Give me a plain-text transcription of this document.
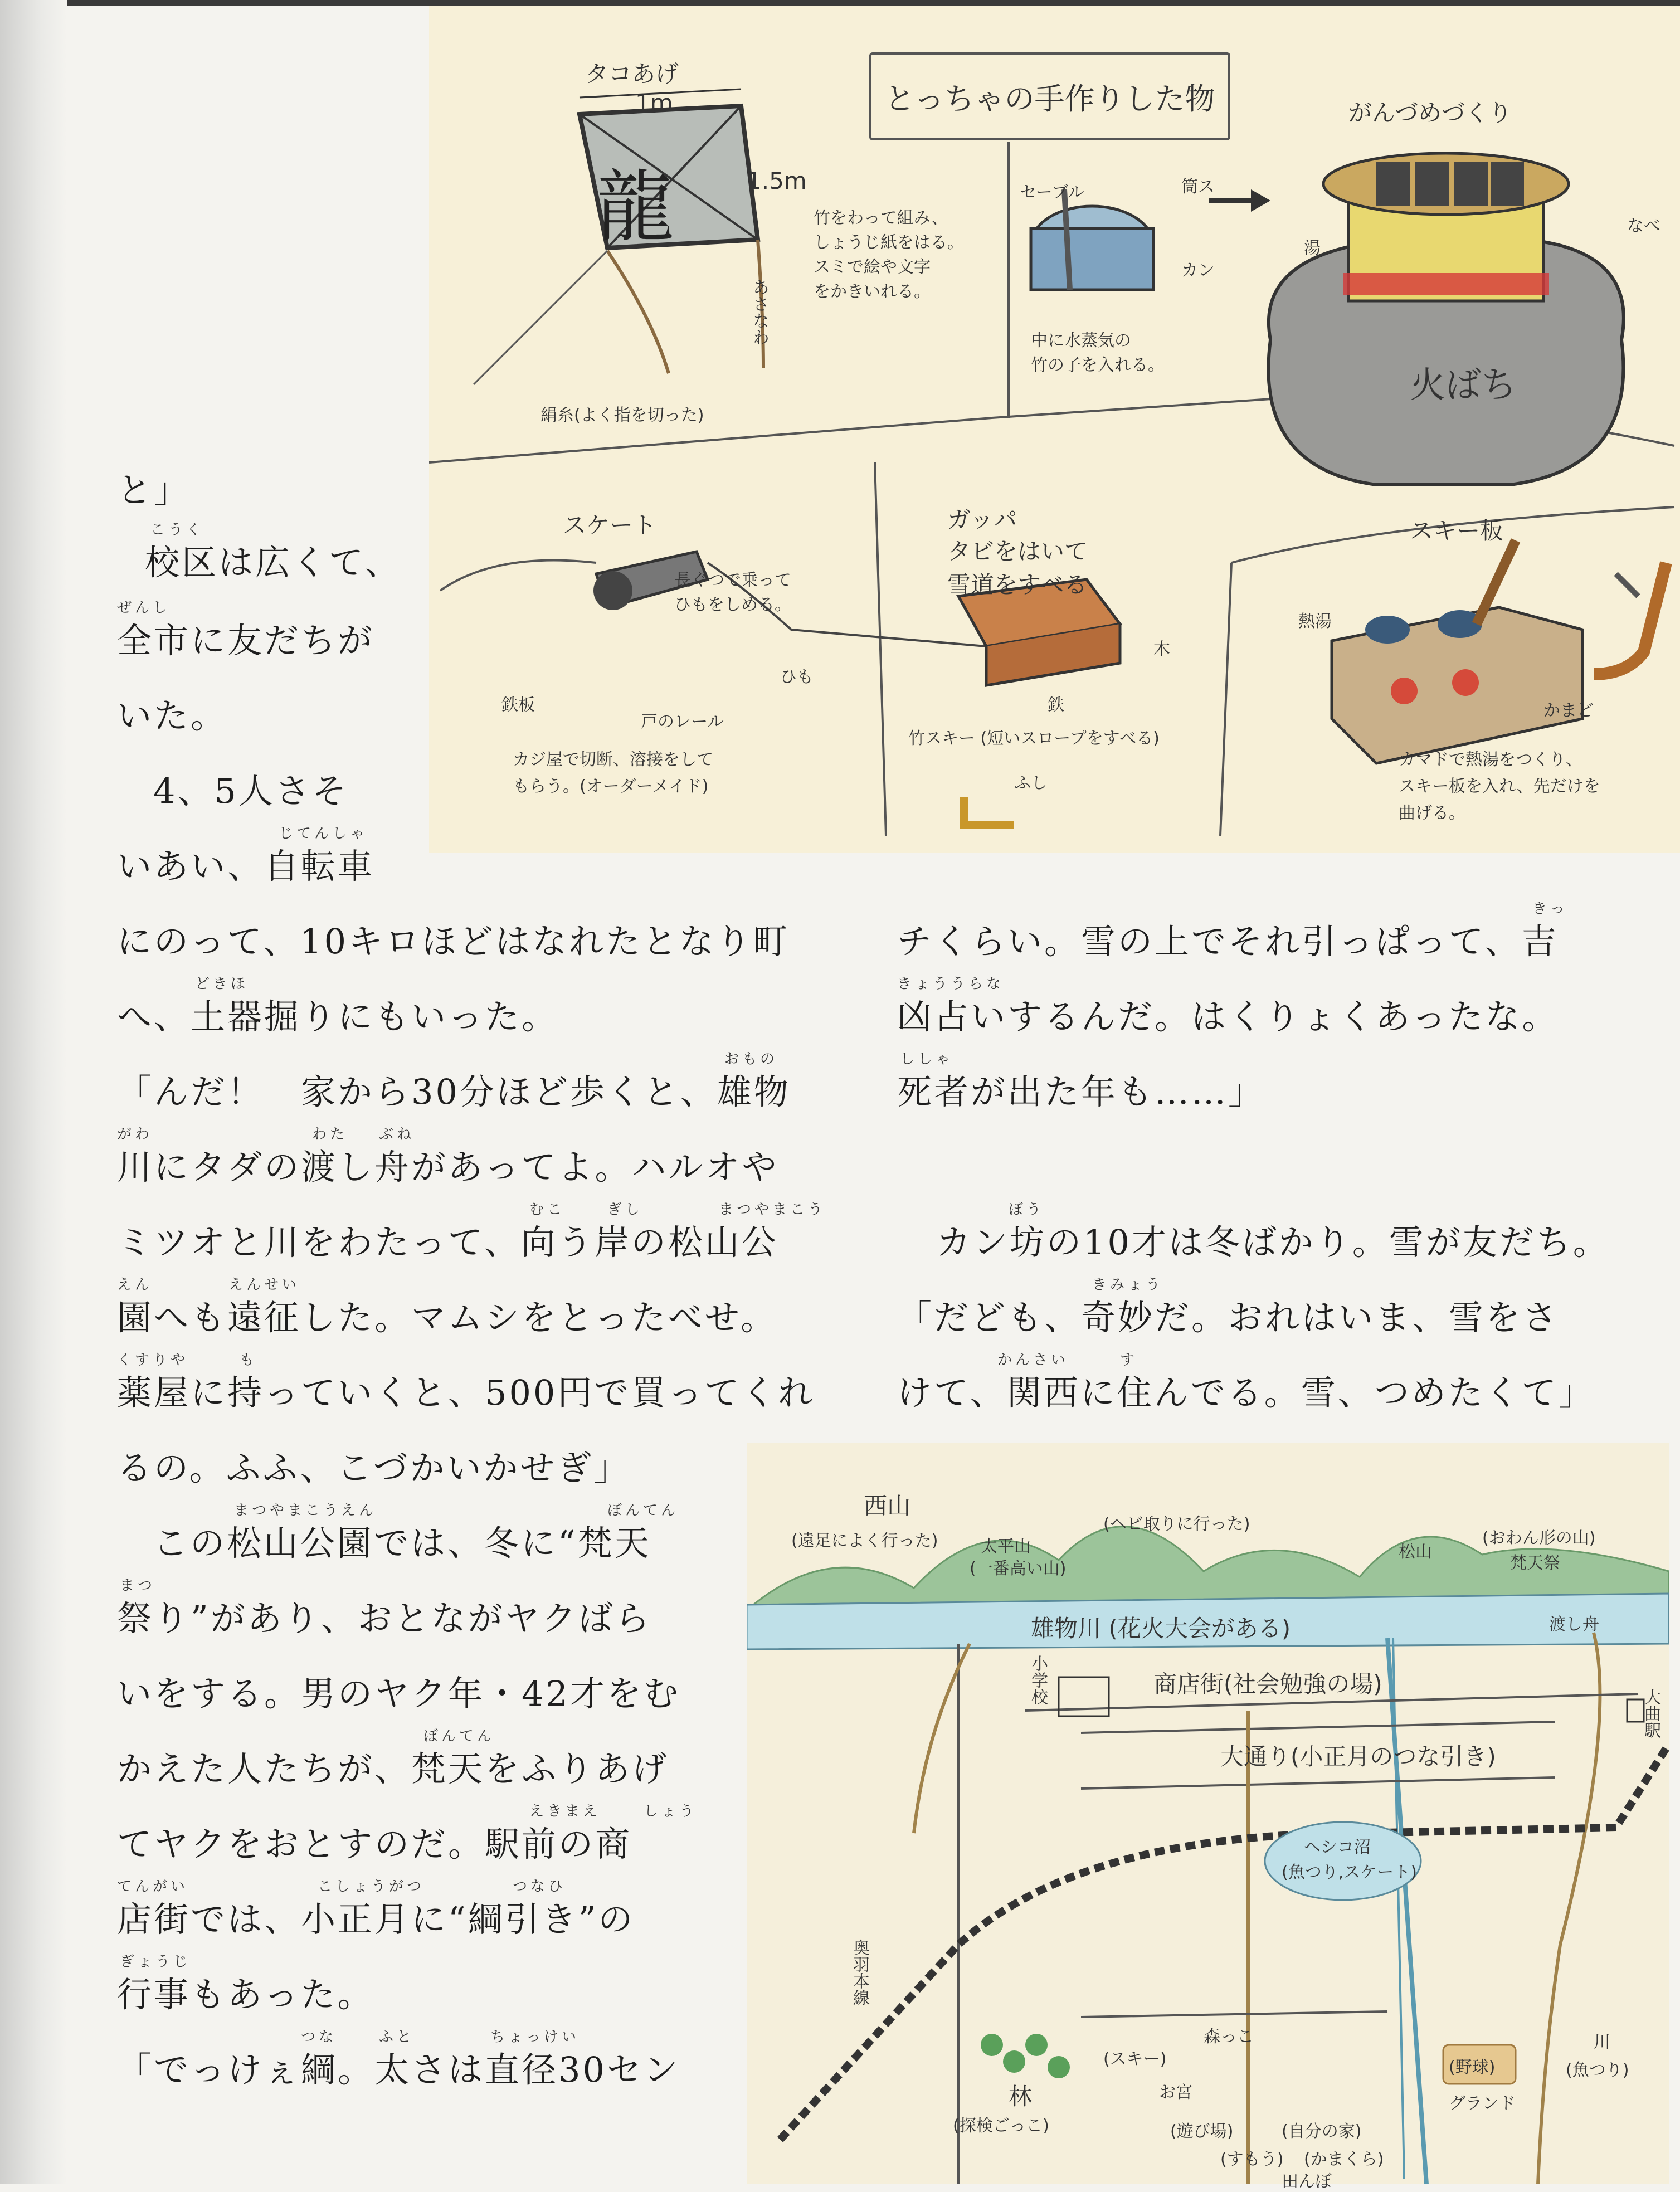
とっちゃの手作りした物
タコあげ
1m
1.5m
龍	竹をわって組み、
しょうじ紙をはる。
スミで絵や文字
をかきいれる。
あさなわ
絹糸(よく指を切った)
がんづめづくり
火ばち
セーブル	筒ス
カン
湯
なべ
中に水蒸気の
竹の子を入れる。
スケート
長ぐつで乗って
ひもをしめる。
ひも
鉄板
戸のレール
カジ屋で切断、溶接をして
もらう。(オーダーメイド)
ガッパ
タビをはいて
雪道をすべる
木
鉄
竹スキー (短いスロープをすべる)
ふし
スキー板
熱湯
かまど
カマドで熱湯をつくり、
スキー板を入れ、先だけを
曲げる。
と」
こうく
校区は広くて、
ぜんし
全市に友だちが
いた。
4、5人さそ
じてんしゃ
いあい、自転車
にのって、10キロほどはなれたとなり町
どきほ
へ、土器掘りにもいった。
おもの
「んだ！　家から30分ほど歩くと、雄物
がわ	わた ぶね
川にタダの渡し舟があってよ。ハルオや
むこ	ぎし	まつやまこう
ミツオと川をわたって、向う岸の松山公
えん	えんせい
園へも遠征した。マムシをとったべせ。
くすりや	も
薬屋に持っていくと、500円で買ってくれ
るの。ふふ、こづかいかせぎ」
まつやまこうえん	ぼんてん
この松山公園では、冬に“梵天
まつ
祭り”があり、おとながヤクばら
いをする。男のヤク年・42才をむ
ぼんてん
かえた人たちが、梵天をふりあげ
えきまえ	しょう
てヤクをおとすのだ。駅前の商
てんがい	こしょうがつ	つなひ
店街では、小正月に“綱引き”の
ぎょうじ
行事もあった。
つな	ふと	ちょっけい
「でっけぇ綱。太さは直径30セン
きっ
チくらい。雪の上でそれ引っぱって、吉
きょううらな
凶占いするんだ。はくりょくあったな。
ししゃ
死者が出た年も……」
ぼう
カン坊の10才は冬ばかり。雪が友だち。
きみょう
「だども、奇妙だ。おれはいま、雪をさ
かんさい	す
けて、関西に住んでる。雪、つめたくて」
西山
(遠足によく行った)	太平山
(一番高い山)
(ヘビ取りに行った)
松山
(おわん形の山)
梵天祭
雄物川 (花火大会がある)	渡し舟
小学校	商店街(社会勉強の場)
大曲駅
大通り(小正月のつな引き)
ヘシコ沼
(魚つり,スケート)
奥羽本線
林
(探検ごっこ)
森っこ
(スキー)
お宮
(遊び場)	(自分の家)
(すもう) (かまくら)
田んぼ
(野球)
グランド
川
(魚つり)
